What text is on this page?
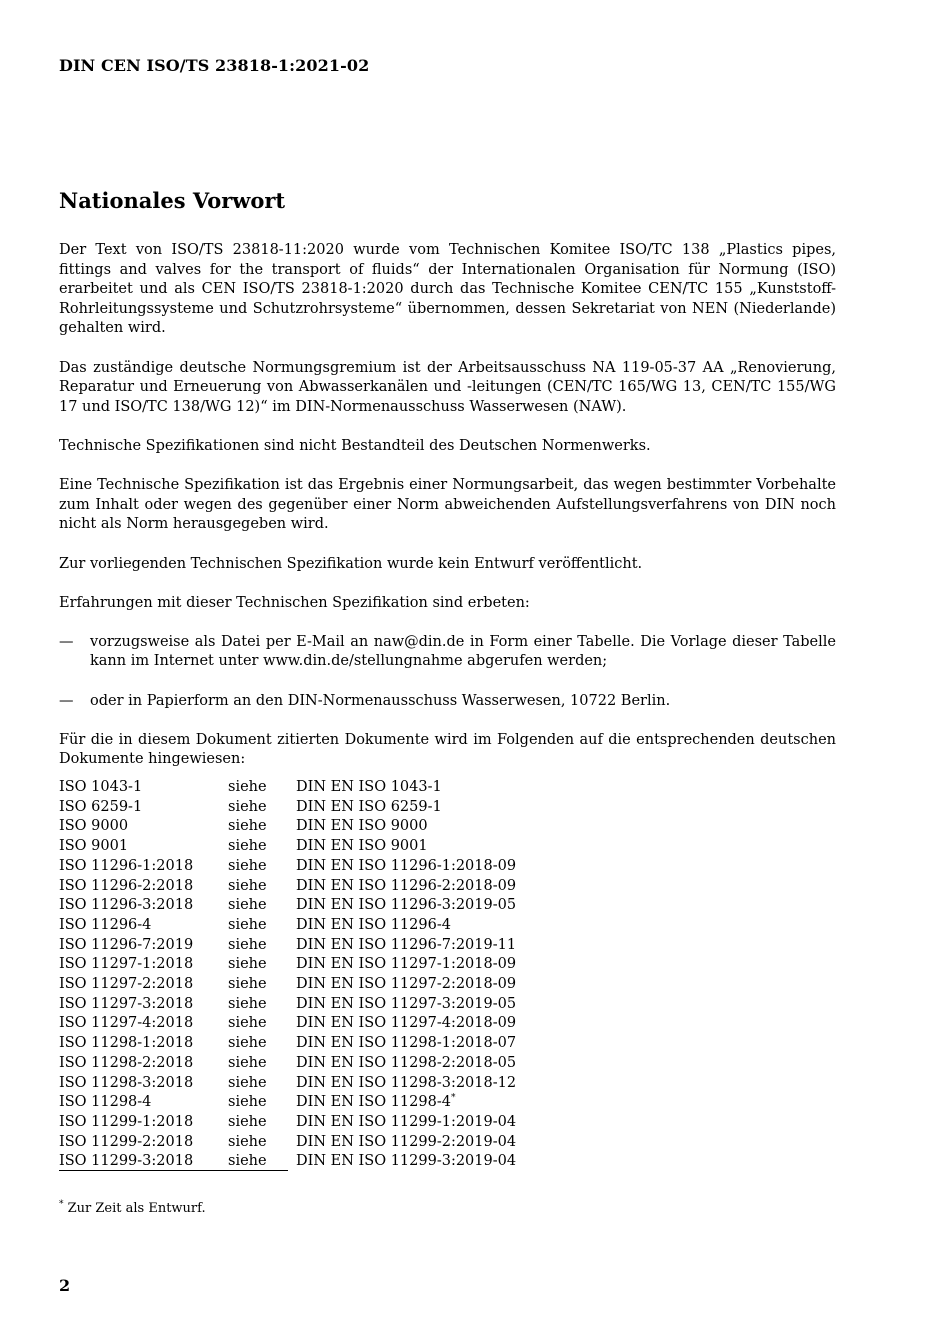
DIN CEN ISO/TS 23818-1:2021-02
Nationales Vorwort

Der Text von ISO/TS 23818-11:2020 wurde vom Technischen Komitee ISO/TC 138 „Plastics pipes, fittings and valves for the transport of fluids“ der Internationalen Organisation für Normung (ISO) erarbeitet und als CEN ISO/TS 23818-1:2020 durch das Technische Komitee CEN/TC 155 „Kunststoff-Rohrleitungssysteme und Schutzrohrsysteme“ übernommen, dessen Sekretariat von NEN (Niederlande) gehalten wird.

Das zuständige deutsche Normungsgremium ist der Arbeitsausschuss NA 119-05-37 AA „Renovierung, Reparatur und Erneuerung von Abwasserkanälen und -leitungen (CEN/TC 165/WG 13, CEN/TC 155/WG 17 und ISO/TC 138/WG 12)“ im DIN-Normenausschuss Wasserwesen (NAW).

Technische Spezifikationen sind nicht Bestandteil des Deutschen Normenwerks.

Eine Technische Spezifikation ist das Ergebnis einer Normungsarbeit, das wegen bestimmter Vorbehalte zum Inhalt oder wegen des gegenüber einer Norm abweichenden Aufstellungsverfahrens von DIN noch nicht als Norm herausgegeben wird.

Zur vorliegenden Technischen Spezifikation wurde kein Entwurf veröffentlicht.

Erfahrungen mit dieser Technischen Spezifikation sind erbeten:

—	vorzugsweise als Datei per E-Mail an naw@din.de in Form einer Tabelle. Die Vorlage dieser Tabelle kann im Internet unter www.din.de/stellungnahme abgerufen werden;
—	oder in Papierform an den DIN-Normenausschuss Wasserwesen, 10722 Berlin.

Für die in diesem Dokument zitierten Dokumente wird im Folgenden auf die entsprechenden deutschen Dokumente hingewiesen:

ISO 1043-1	siehe	DIN EN ISO 1043-1
ISO 6259-1	siehe	DIN EN ISO 6259-1
ISO 9000	siehe	DIN EN ISO 9000
ISO 9001	siehe	DIN EN ISO 9001
ISO 11296-1:2018	siehe	DIN EN ISO 11296-1:2018-09
ISO 11296-2:2018	siehe	DIN EN ISO 11296-2:2018-09
ISO 11296-3:2018	siehe	DIN EN ISO 11296-3:2019-05
ISO 11296-4	siehe	DIN EN ISO 11296-4
ISO 11296-7:2019	siehe	DIN EN ISO 11296-7:2019-11
ISO 11297-1:2018	siehe	DIN EN ISO 11297-1:2018-09
ISO 11297-2:2018	siehe	DIN EN ISO 11297-2:2018-09
ISO 11297-3:2018	siehe	DIN EN ISO 11297-3:2019-05
ISO 11297-4:2018	siehe	DIN EN ISO 11297-4:2018-09
ISO 11298-1:2018	siehe	DIN EN ISO 11298-1:2018-07
ISO 11298-2:2018	siehe	DIN EN ISO 11298-2:2018-05
ISO 11298-3:2018	siehe	DIN EN ISO 11298-3:2018-12
ISO 11298-4	siehe	DIN EN ISO 11298-4*
ISO 11299-1:2018	siehe	DIN EN ISO 11299-1:2019-04
ISO 11299-2:2018	siehe	DIN EN ISO 11299-2:2019-04
ISO 11299-3:2018	siehe	DIN EN ISO 11299-3:2019-04
* Zur Zeit als Entwurf.
2
